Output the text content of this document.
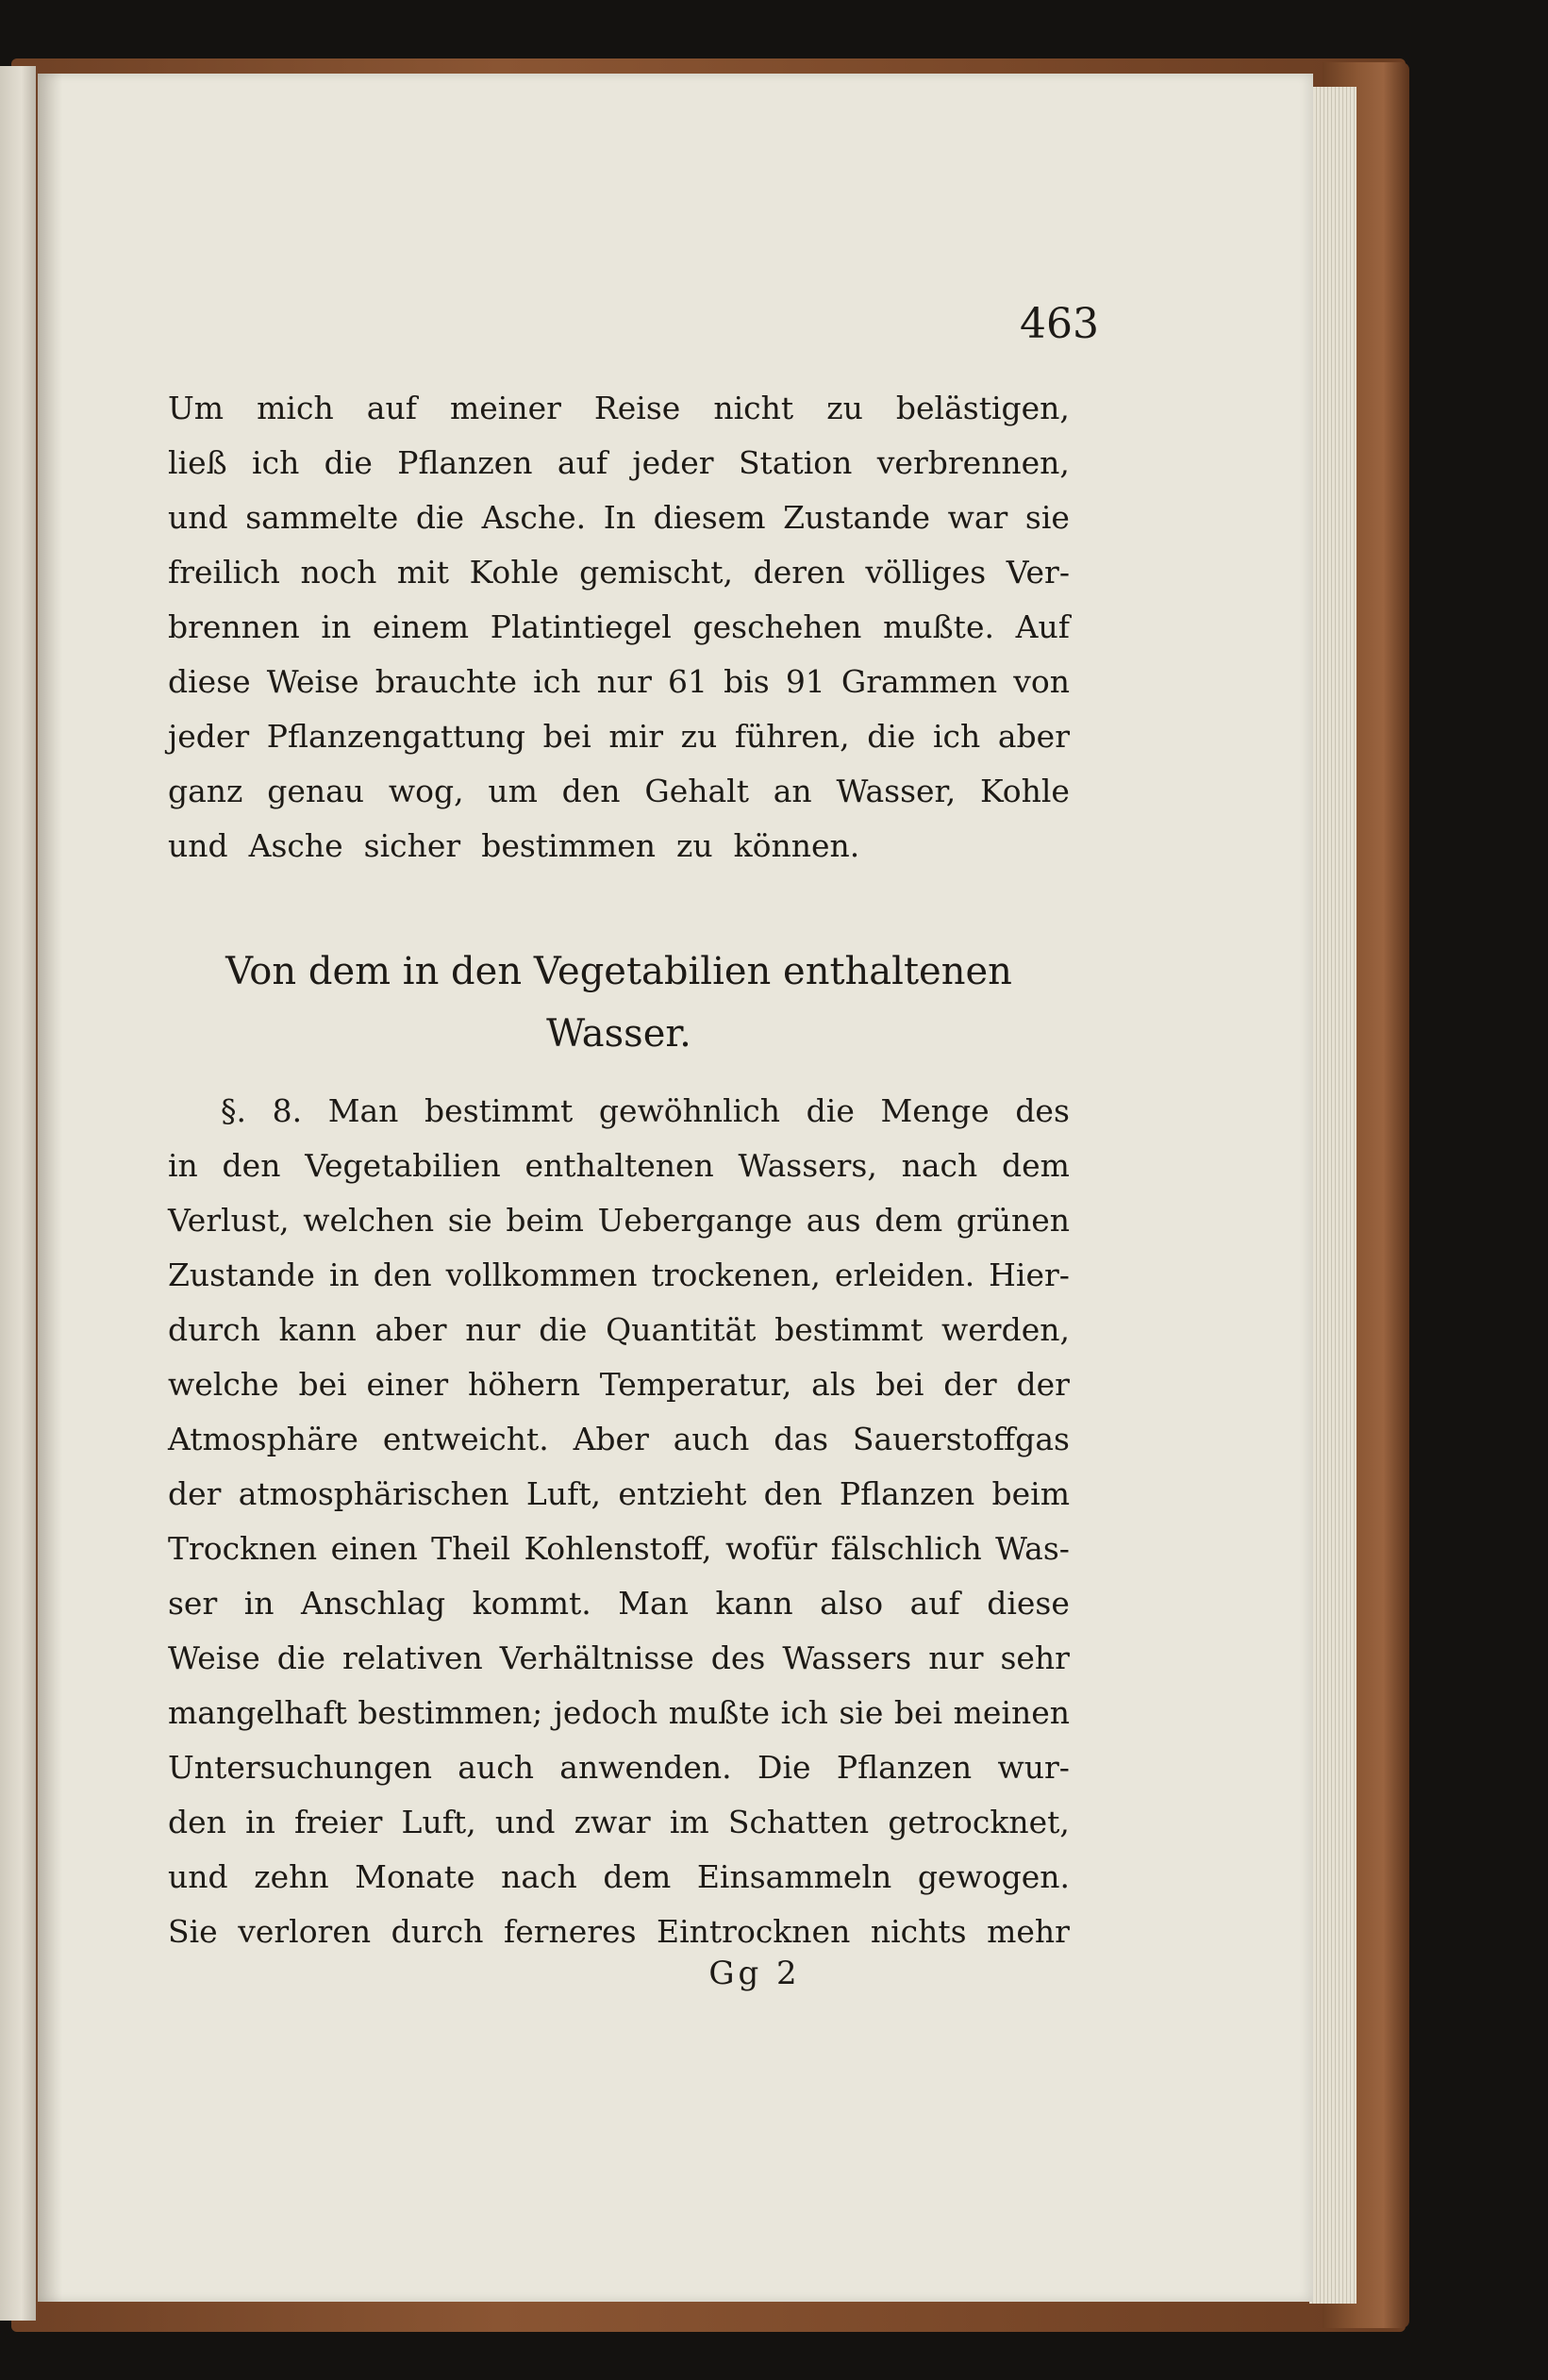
463
Um mich auf meiner Reise nicht zu belästigen,
ließ ich die Pflanzen auf jeder Station verbrennen,
und sammelte die Asche. In diesem Zustande war sie
freilich noch mit Kohle gemischt, deren völliges Ver-
brennen in einem Platintiegel geschehen mußte. Auf
diese Weise brauchte ich nur 61 bis 91 Grammen von
jeder Pflanzengattung bei mir zu führen, die ich aber
ganz genau wog, um den Gehalt an Wasser, Kohle
und Asche sicher bestimmen zu können.
Von dem in den Vegetabilien enthaltenen
Wasser.
§. 8. Man bestimmt gewöhnlich die Menge des
in den Vegetabilien enthaltenen Wassers, nach dem
Verlust, welchen sie beim Uebergange aus dem grünen
Zustande in den vollkommen trockenen, erleiden. Hier-
durch kann aber nur die Quantität bestimmt werden,
welche bei einer höhern Temperatur, als bei der der
Atmosphäre entweicht. Aber auch das Sauerstoffgas
der atmosphärischen Luft, entzieht den Pflanzen beim
Trocknen einen Theil Kohlenstoff, wofür fälschlich Was-
ser in Anschlag kommt. Man kann also auf diese
Weise die relativen Verhältnisse des Wassers nur sehr
mangelhaft bestimmen; jedoch mußte ich sie bei meinen
Untersuchungen auch anwenden. Die Pflanzen wur-
den in freier Luft, und zwar im Schatten getrocknet,
und zehn Monate nach dem Einsammeln gewogen.
Sie verloren durch ferneres Eintrocknen nichts mehr
Gg 2
